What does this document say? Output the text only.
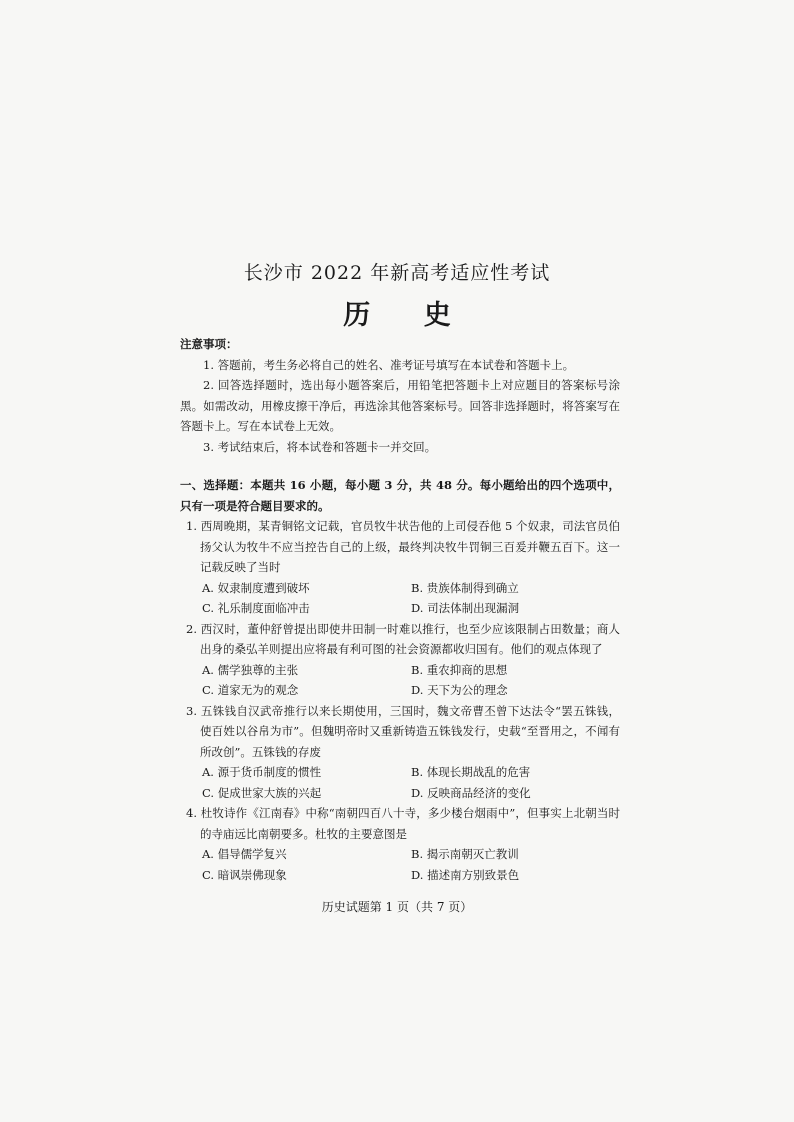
长沙市 2022 年新高考适应性考试
历 史
注意事项：
1. 答题前，考生务必将自己的姓名、准考证号填写在本试卷和答题卡上。
2. 回答选择题时，选出每小题答案后，用铅笔把答题卡上对应题目的答案标号涂黑。如需改动，用橡皮擦干净后，再选涂其他答案标号。回答非选择题时，将答案写在答题卡上。写在本试卷上无效。
3. 考试结束后，将本试卷和答题卡一并交回。
一、选择题：本题共 16 小题，每小题 3 分，共 48 分。每小题给出的四个选项中，只有一项是符合题目要求的。
1. 西周晚期，某青铜铭文记载，官员牧牛状告他的上司侵吞他 5 个奴隶，司法官员伯扬父认为牧牛不应当控告自己的上级，最终判决牧牛罚铜三百爰并鞭五百下。这一记载反映了当时
A. 奴隶制度遭到破坏	B. 贵族体制得到确立
C. 礼乐制度面临冲击	D. 司法体制出现漏洞
2. 西汉时，董仲舒曾提出即使井田制一时难以推行，也至少应该限制占田数量；商人出身的桑弘羊则提出应将最有利可图的社会资源都收归国有。他们的观点体现了
A. 儒学独尊的主张	B. 重农抑商的思想
C. 道家无为的观念	D. 天下为公的理念
3. 五铢钱自汉武帝推行以来长期使用，三国时，魏文帝曹丕曾下达法令“罢五铢钱，使百姓以谷帛为市”。但魏明帝时又重新铸造五铢钱发行，史载“至晋用之，不闻有所改创”。五铢钱的存废
A. 源于货币制度的惯性	B. 体现长期战乱的危害
C. 促成世家大族的兴起	D. 反映商品经济的变化
4. 杜牧诗作《江南春》中称“南朝四百八十寺，多少楼台烟雨中”，但事实上北朝当时的寺庙远比南朝要多。杜牧的主要意图是
A. 倡导儒学复兴	B. 揭示南朝灭亡教训
C. 暗讽崇佛现象	D. 描述南方别致景色
历史试题第 1 页（共 7 页）
